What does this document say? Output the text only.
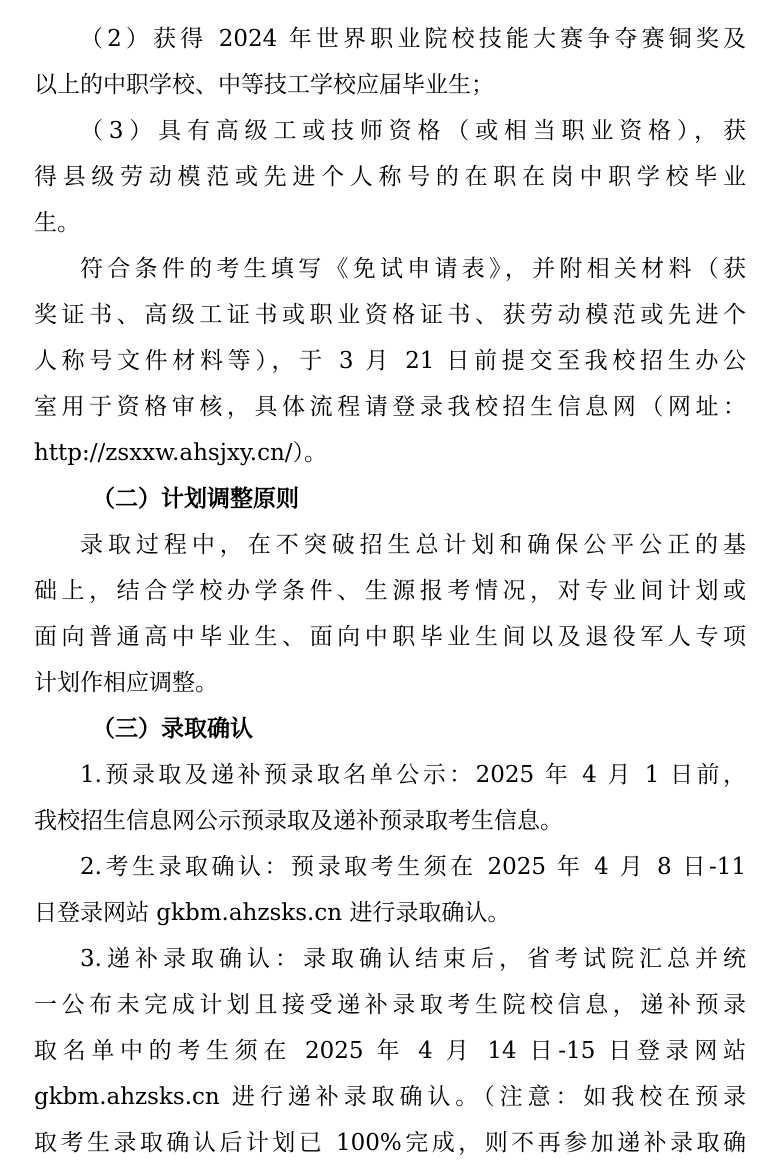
（2）获得 2024 年世界职业院校技能大赛争夺赛铜奖及
以上的中职学校、中等技工学校应届毕业生；
（3）具有高级工或技师资格（或相当职业资格），获
得县级劳动模范或先进个人称号的在职在岗中职学校毕业
生。
符合条件的考生填写《免试申请表》，并附相关材料（获
奖证书、高级工证书或职业资格证书、获劳动模范或先进个
人称号文件材料等），于 3 月 21 日前提交至我校招生办公
室用于资格审核，具体流程请登录我校招生信息网（网址：
http://zsxxw.ahsjxy.cn/）。
（二）计划调整原则
录取过程中，在不突破招生总计划和确保公平公正的基
础上，结合学校办学条件、生源报考情况，对专业间计划或
面向普通高中毕业生、面向中职毕业生间以及退役军人专项
计划作相应调整。
（三）录取确认
1.预录取及递补预录取名单公示：2025 年 4 月 1 日前，
我校招生信息网公示预录取及递补预录取考生信息。
2.考生录取确认：预录取考生须在 2025 年 4 月 8 日-11
日登录网站 gkbm.ahzsks.cn 进行录取确认。
3.递补录取确认：录取确认结束后，省考试院汇总并统
一公布未完成计划且接受递补录取考生院校信息，递补预录
取名单中的考生须在 2025 年 4 月 14 日-15 日登录网站
gkbm.ahzsks.cn 进行递补录取确认。（注意：如我校在预录
取考生录取确认后计划已 100%完成，则不再参加递补录取确
